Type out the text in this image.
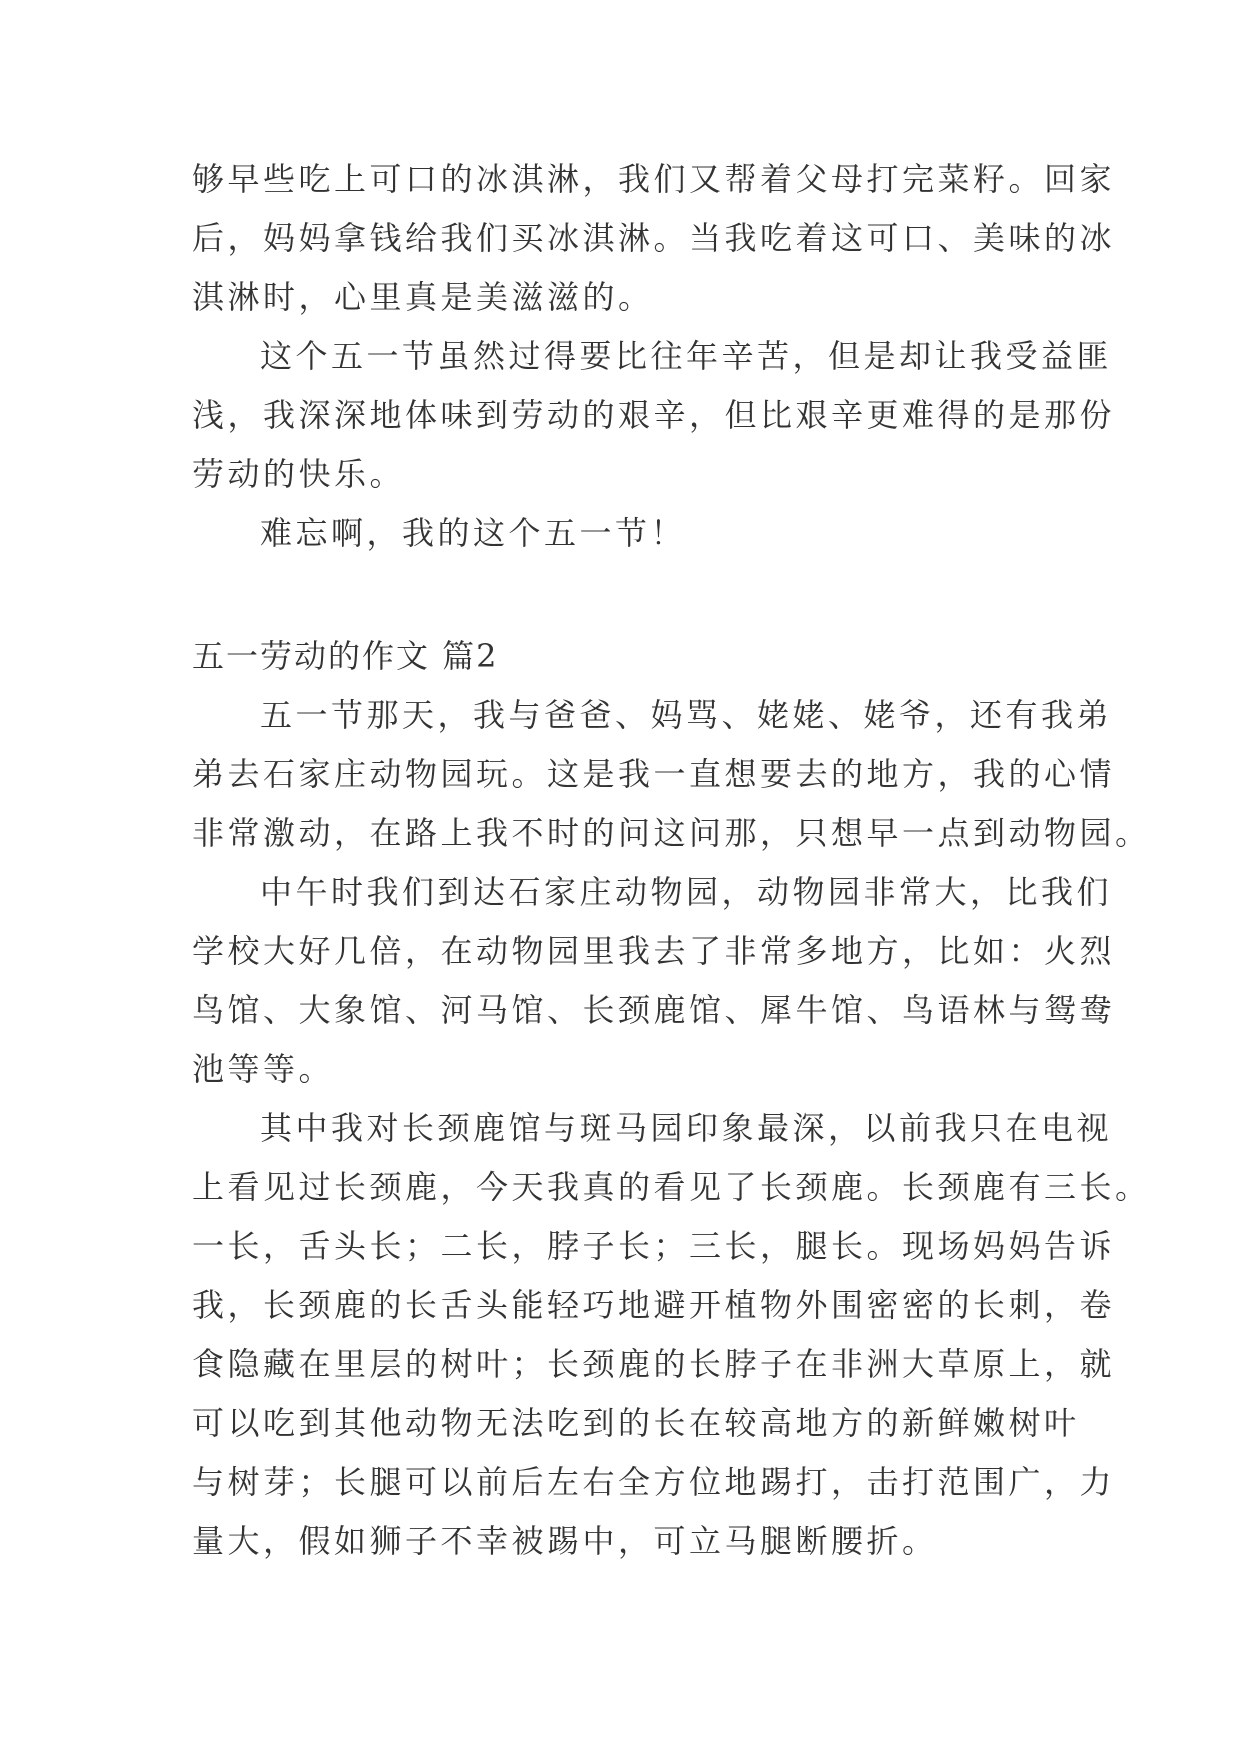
够早些吃上可口的冰淇淋，我们又帮着父母打完菜籽。回家
后，妈妈拿钱给我们买冰淇淋。当我吃着这可口、美味的冰
淇淋时，心里真是美滋滋的。
这个五一节虽然过得要比往年辛苦，但是却让我受益匪
浅，我深深地体味到劳动的艰辛，但比艰辛更难得的是那份
劳动的快乐。
难忘啊，我的这个五一节！
五一劳动的作文 篇2
五一节那天，我与爸爸、妈骂、姥姥、姥爷，还有我弟
弟去石家庄动物园玩。这是我一直想要去的地方，我的心情
非常激动，在路上我不时的问这问那，只想早一点到动物园。
中午时我们到达石家庄动物园，动物园非常大，比我们
学校大好几倍，在动物园里我去了非常多地方，比如：火烈
鸟馆、大象馆、河马馆、长颈鹿馆、犀牛馆、鸟语林与鸳鸯
池等等。
其中我对长颈鹿馆与斑马园印象最深，以前我只在电视
上看见过长颈鹿，今天我真的看见了长颈鹿。长颈鹿有三长。
一长，舌头长；二长，脖子长；三长，腿长。现场妈妈告诉
我，长颈鹿的长舌头能轻巧地避开植物外围密密的长刺，卷
食隐藏在里层的树叶；长颈鹿的长脖子在非洲大草原上，就
可以吃到其他动物无法吃到的长在较高地方的新鲜嫩树叶
与树芽；长腿可以前后左右全方位地踢打，击打范围广，力
量大，假如狮子不幸被踢中，可立马腿断腰折。
